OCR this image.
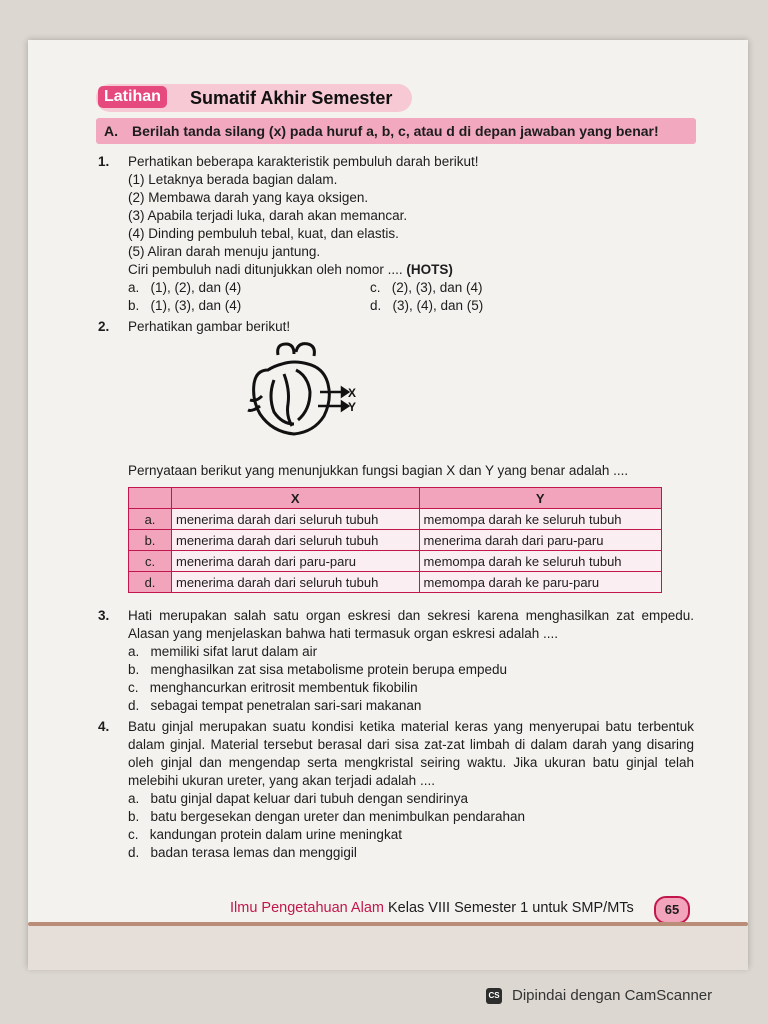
Latihan	Sumatif Akhir Semester
A. Berilah tanda silang (x) pada huruf a, b, c, atau d di depan jawaban yang benar!
1. Perhatikan beberapa karakteristik pembuluh darah berikut!
(1) Letaknya berada bagian dalam.
(2) Membawa darah yang kaya oksigen.
(3) Apabila terjadi luka, darah akan memancar.
(4) Dinding pembuluh tebal, kuat, dan elastis.
(5) Aliran darah menuju jantung.
Ciri pembuluh nadi ditunjukkan oleh nomor .... (HOTS)
a. (1), (2), dan (4)
b. (1), (3), dan (4)
c. (2), (3), dan (4)
d. (3), (4), dan (5)
2. Perhatikan gambar berikut!
X
Y
Pernyataan berikut yang menunjukkan fungsi bagian X dan Y yang benar adalah ....
	X	Y
a.	menerima darah dari seluruh tubuh	memompa darah ke seluruh tubuh
b.	menerima darah dari seluruh tubuh	menerima darah dari paru-paru
c.	menerima darah dari paru-paru	memompa darah ke seluruh tubuh
d.	menerima darah dari seluruh tubuh	memompa darah ke paru-paru
3. Hati merupakan salah satu organ eskresi dan sekresi karena menghasilkan zat empedu. Alasan yang menjelaskan bahwa hati termasuk organ eskresi adalah ....
a. memiliki sifat larut dalam air
b. menghasilkan zat sisa metabolisme protein berupa empedu
c. menghancurkan eritrosit membentuk fikobilin
d. sebagai tempat penetralan sari-sari makanan
4. Batu ginjal merupakan suatu kondisi ketika material keras yang menyerupai batu terbentuk dalam ginjal. Material tersebut berasal dari sisa zat-zat limbah di dalam darah yang disaring oleh ginjal dan mengendap serta mengkristal seiring waktu. Jika ukuran batu ginjal telah melebihi ukuran ureter, yang akan terjadi adalah ....
a. batu ginjal dapat keluar dari tubuh dengan sendirinya
b. batu bergesekan dengan ureter dan menimbulkan pendarahan
c. kandungan protein dalam urine meningkat
d. badan terasa lemas dan menggigil
Ilmu Pengetahuan Alam Kelas VIII Semester 1 untuk SMP/MTs	65
CS Dipindai dengan CamScanner
